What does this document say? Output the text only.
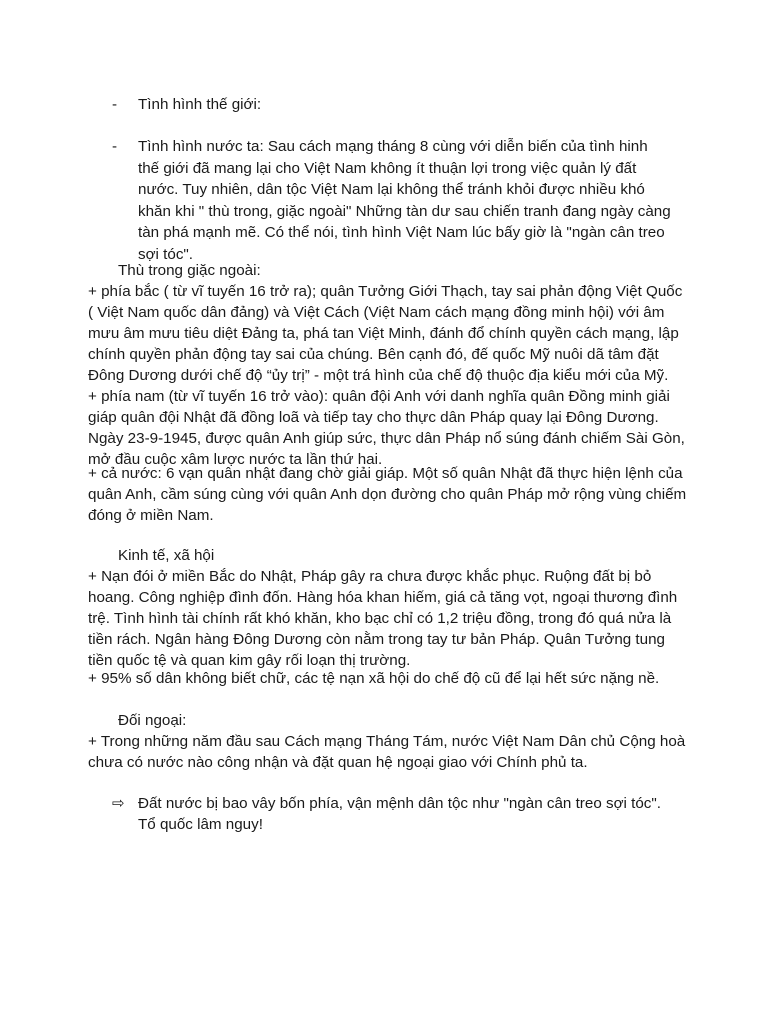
- Tình hình thế giới:
- Tình hình nước ta: Sau cách mạng tháng 8 cùng với diễn biến của tình hinh thế giới đã mang lại cho Việt Nam không ít thuận lợi trong việc quản lý đất nước. Tuy nhiên, dân tộc Việt Nam lại không thể tránh khỏi được nhiều khó khăn khi " thù trong, giặc ngoài" Những tàn dư sau chiến tranh đang ngày càng tàn phá mạnh mẽ. Có thể nói, tình hình Việt Nam lúc bấy giờ là "ngàn cân treo sợi tóc".
Thù trong giặc ngoài:
+ phía bắc ( từ vĩ tuyến 16 trở ra); quân Tưởng Giới Thạch, tay sai phản động Việt Quốc ( Việt Nam quốc dân đảng) và Việt Cách (Việt Nam cách mạng đồng minh hội) với âm mưu âm mưu tiêu diệt Đảng ta, phá tan Việt Minh, đánh đổ chính quyền cách mạng, lập chính quyền phản động tay sai của chúng. Bên cạnh đó, đế quốc Mỹ nuôi dã tâm đặt Đông Dương dưới chế độ “ủy trị” - một trá hình của chế độ thuộc địa kiểu mới của Mỹ.
+ phía nam (từ vĩ tuyến 16 trở vào): quân đội Anh với danh nghĩa quân Đồng minh giải giáp quân đội Nhật đã đồng loã và tiếp tay cho thực dân Pháp quay lại Đông Dương. Ngày 23-9-1945, được quân Anh giúp sức, thực dân Pháp nổ súng đánh chiếm Sài Gòn, mở đầu cuộc xâm lược nước ta lần thứ hai.
+ cả nước: 6 vạn quân nhật đang chờ giải giáp. Một số quân Nhật đã thực hiện lệnh của quân Anh, cầm súng cùng với quân Anh dọn đường cho quân Pháp mở rộng vùng chiếm đóng ở miền Nam.
Kinh tế, xã hội
+ Nạn đói ở miền Bắc do Nhật, Pháp gây ra chưa được khắc phục. Ruộng đất bị bỏ hoang. Công nghiệp đình đốn. Hàng hóa khan hiếm, giá cả tăng vọt, ngoại thương đình trệ. Tình hình tài chính rất khó khăn, kho bạc chỉ có 1,2 triệu đồng, trong đó quá nửa là tiền rách. Ngân hàng Đông Dương còn nằm trong tay tư bản Pháp. Quân Tưởng tung tiền quốc tệ và quan kim gây rối loạn thị trường.
+ 95% số dân không biết chữ, các tệ nạn xã hội do chế độ cũ để lại hết sức nặng nề.
Đối ngoại:
+ Trong những năm đầu sau Cách mạng Tháng Tám, nước Việt Nam Dân chủ Cộng hoà chưa có nước nào công nhận và đặt quan hệ ngoại giao với Chính phủ ta.
⇨ Đất nước bị bao vây bốn phía, vận mệnh dân tộc như "ngàn cân treo sợi tóc". Tổ quốc lâm nguy!
